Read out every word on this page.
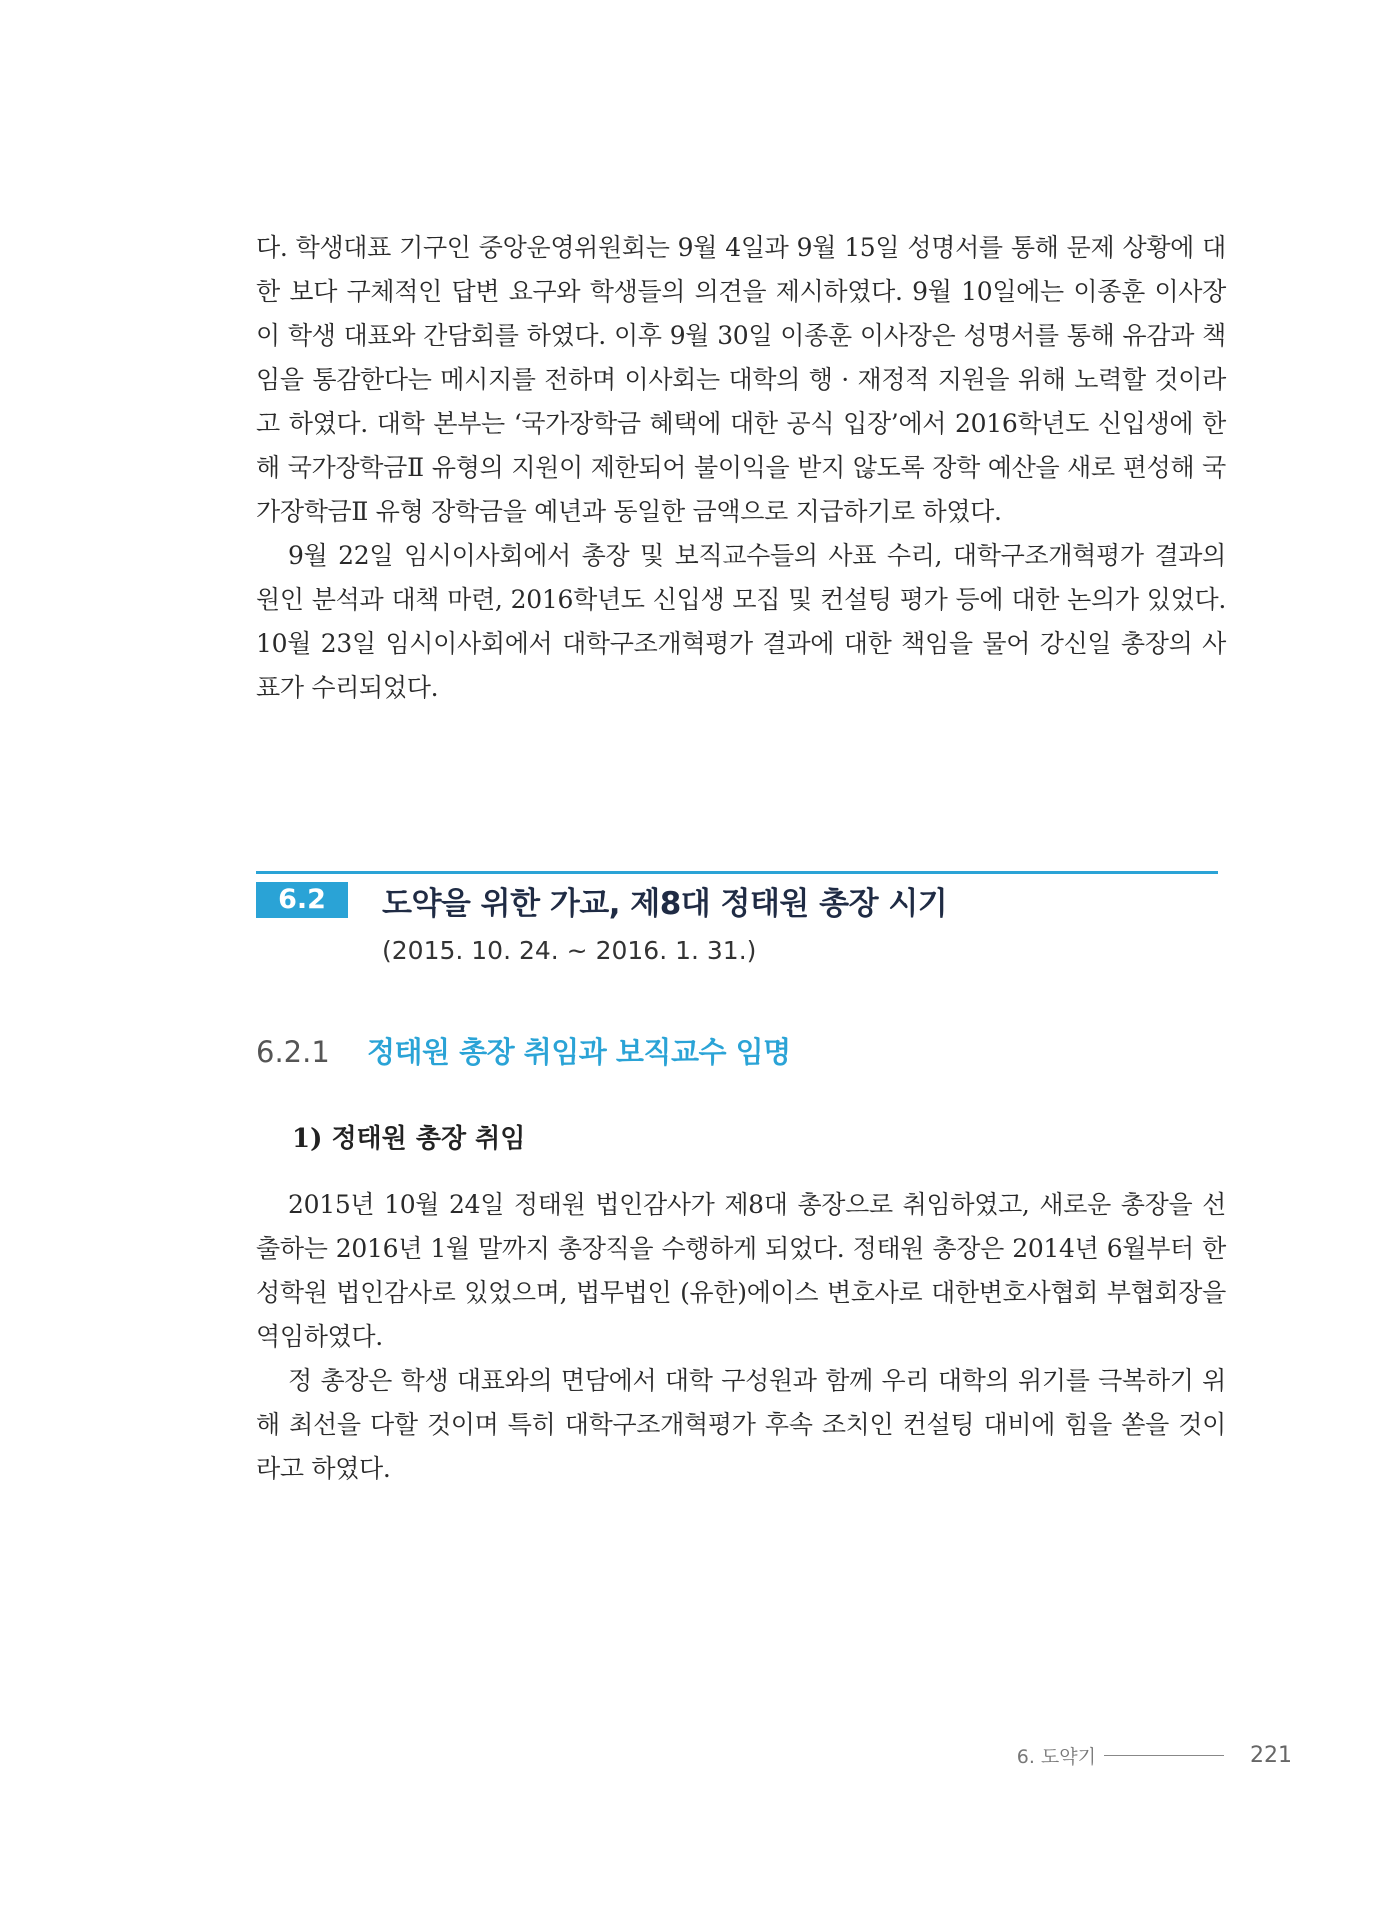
다. 학생대표 기구인 중앙운영위원회는 9월 4일과 9월 15일 성명서를 통해 문제 상황에 대한 보다 구체적인 답변 요구와 학생들의 의견을 제시하였다. 9월 10일에는 이종훈 이사장이 학생 대표와 간담회를 하였다. 이후 9월 30일 이종훈 이사장은 성명서를 통해 유감과 책임을 통감한다는 메시지를 전하며 이사회는 대학의 행 · 재정적 지원을 위해 노력할 것이라고 하였다. 대학 본부는 ‘국가장학금 혜택에 대한 공식 입장’에서 2016학년도 신입생에 한해 국가장학금Ⅱ 유형의 지원이 제한되어 불이익을 받지 않도록 장학 예산을 새로 편성해 국가장학금Ⅱ 유형 장학금을 예년과 동일한 금액으로 지급하기로 하였다.

9월 22일 임시이사회에서 총장 및 보직교수들의 사표 수리, 대학구조개혁평가 결과의 원인 분석과 대책 마련, 2016학년도 신입생 모집 및 컨설팅 평가 등에 대한 논의가 있었다. 10월 23일 임시이사회에서 대학구조개혁평가 결과에 대한 책임을 물어 강신일 총장의 사표가 수리되었다.

6.2	도약을 위한 가교, 제8대 정태원 총장 시기
(2015. 10. 24. ~ 2016. 1. 31.)
6.2.1 정태원 총장 취임과 보직교수 임명
1) 정태원 총장 취임

2015년 10월 24일 정태원 법인감사가 제8대 총장으로 취임하였고, 새로운 총장을 선출하는 2016년 1월 말까지 총장직을 수행하게 되었다. 정태원 총장은 2014년 6월부터 한성학원 법인감사로 있었으며, 법무법인 (유한)에이스 변호사로 대한변호사협회 부협회장을 역임하였다.

정 총장은 학생 대표와의 면담에서 대학 구성원과 함께 우리 대학의 위기를 극복하기 위해 최선을 다할 것이며 특히 대학구조개혁평가 후속 조치인 컨설팅 대비에 힘을 쏟을 것이라고 하였다.

6. 도약기	221
